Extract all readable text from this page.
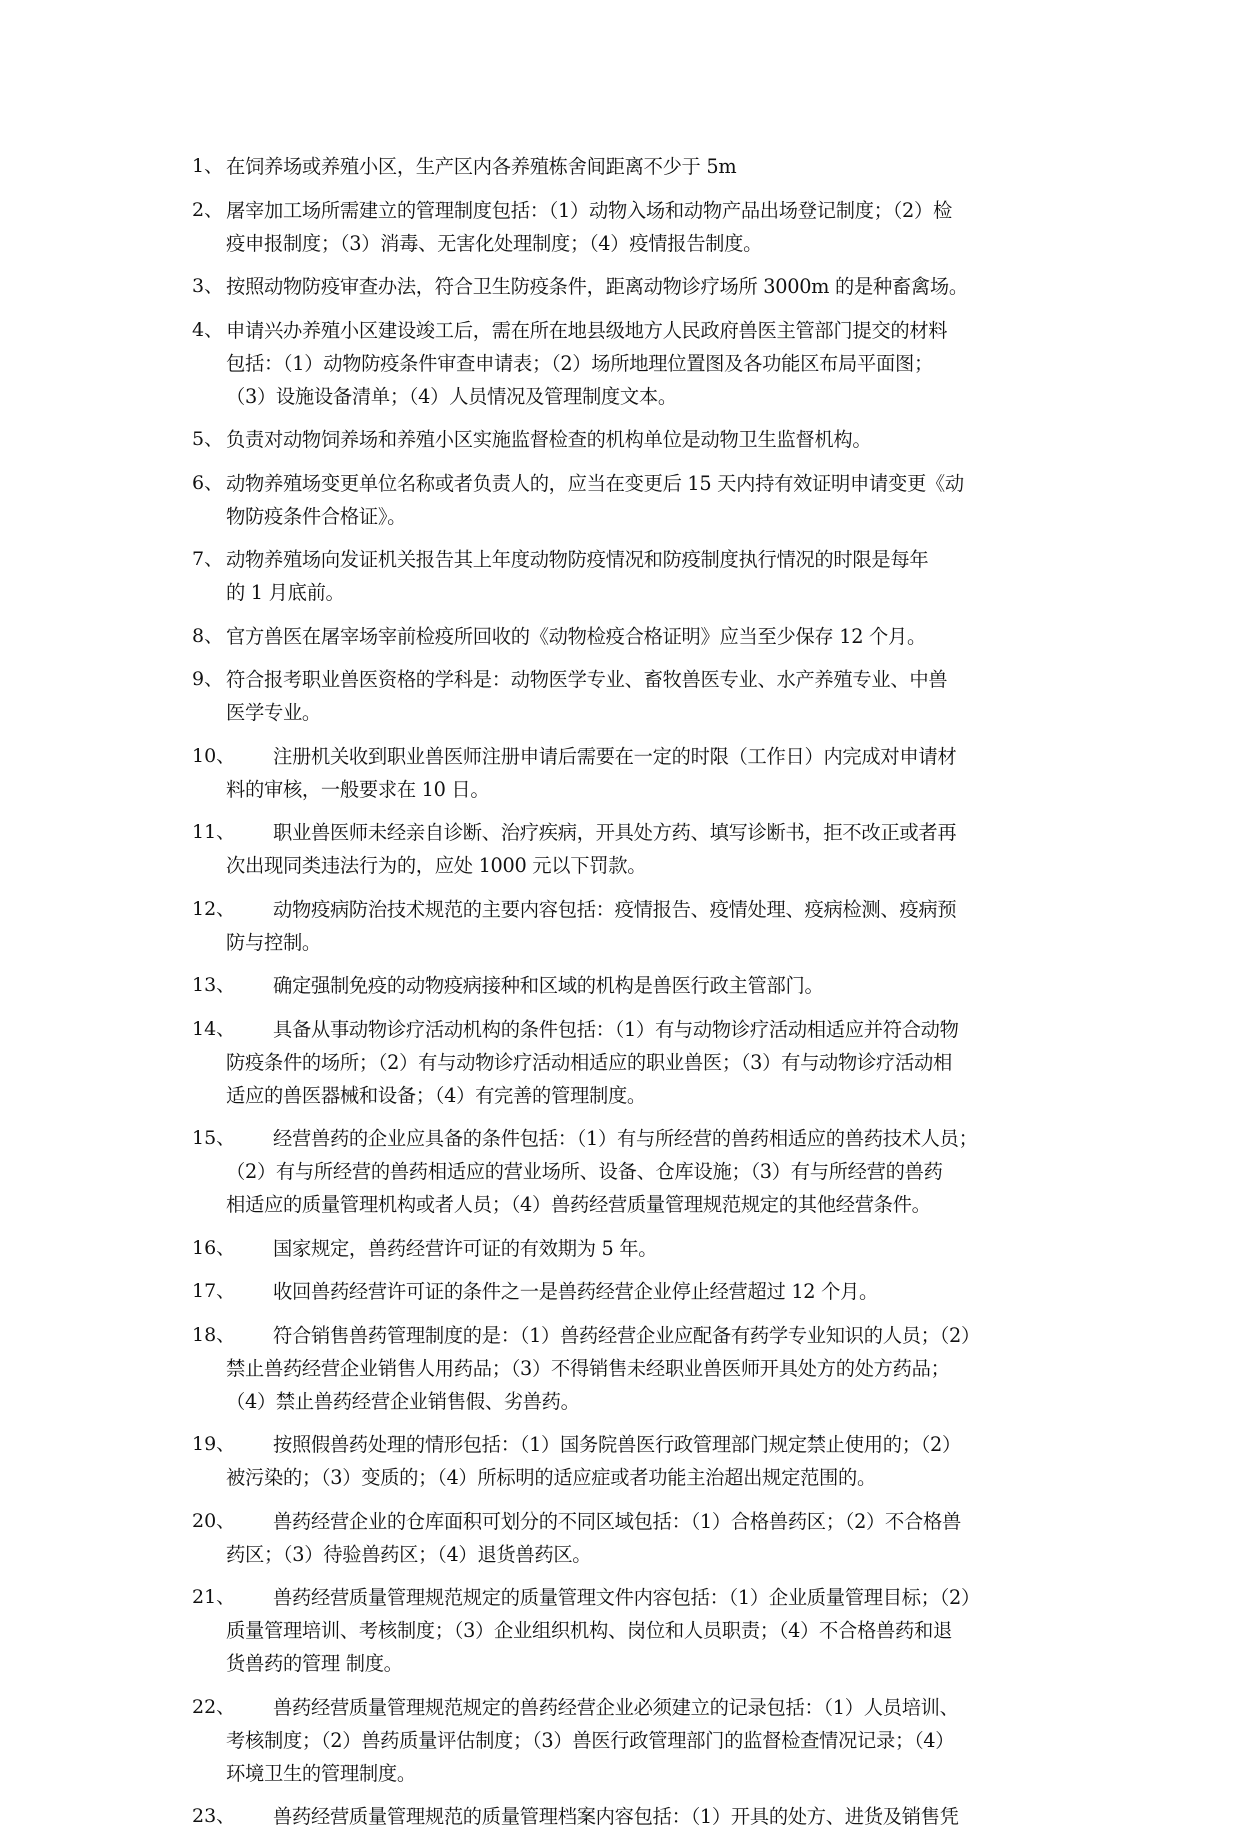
1、 在饲养场或养殖小区，生产区内各养殖栋舍间距离不少于 5m
2、 屠宰加工场所需建立的管理制度包括：（1）动物入场和动物产品出场登记制度；（2）检
疫申报制度；（3）消毒、无害化处理制度；（4）疫情报告制度。
3、 按照动物防疫审查办法，符合卫生防疫条件，距离动物诊疗场所 3000m 的是种畜禽场。
4、 申请兴办养殖小区建设竣工后，需在所在地县级地方人民政府兽医主管部门提交的材料
包括：（1）动物防疫条件审查申请表；（2）场所地理位置图及各功能区布局平面图；
（3）设施设备清单；（4）人员情况及管理制度文本。
5、 负责对动物饲养场和养殖小区实施监督检查的机构单位是动物卫生监督机构。
6、 动物养殖场变更单位名称或者负责人的，应当在变更后 15 天内持有效证明申请变更《动
物防疫条件合格证》。
7、 动物养殖场向发证机关报告其上年度动物防疫情况和防疫制度执行情况的时限是每年
的 1 月底前。
8、 官方兽医在屠宰场宰前检疫所回收的《动物检疫合格证明》应当至少保存 12 个月。
9、 符合报考职业兽医资格的学科是：动物医学专业、畜牧兽医专业、水产养殖专业、中兽
医学专业。
10、	注册机关收到职业兽医师注册申请后需要在一定的时限（工作日）内完成对申请材
料的审核，一般要求在 10 日。
11、	职业兽医师未经亲自诊断、治疗疾病，开具处方药、填写诊断书，拒不改正或者再
次出现同类违法行为的，应处 1000 元以下罚款。
12、	动物疫病防治技术规范的主要内容包括：疫情报告、疫情处理、疫病检测、疫病预
防与控制。
13、	确定强制免疫的动物疫病接种和区域的机构是兽医行政主管部门。
14、	具备从事动物诊疗活动机构的条件包括：（1）有与动物诊疗活动相适应并符合动物
防疫条件的场所；（2）有与动物诊疗活动相适应的职业兽医；（3）有与动物诊疗活动相
适应的兽医器械和设备；（4）有完善的管理制度。
15、	经营兽药的企业应具备的条件包括：（1）有与所经营的兽药相适应的兽药技术人员；
（2）有与所经营的兽药相适应的营业场所、设备、仓库设施；（3）有与所经营的兽药
相适应的质量管理机构或者人员；（4）兽药经营质量管理规范规定的其他经营条件。
16、	国家规定，兽药经营许可证的有效期为 5 年。
17、	收回兽药经营许可证的条件之一是兽药经营企业停止经营超过 12 个月。
18、	符合销售兽药管理制度的是：（1）兽药经营企业应配备有药学专业知识的人员；（2）
禁止兽药经营企业销售人用药品；（3）不得销售未经职业兽医师开具处方的处方药品；
（4）禁止兽药经营企业销售假、劣兽药。
19、	按照假兽药处理的情形包括：（1）国务院兽医行政管理部门规定禁止使用的；（2）
被污染的；（3）变质的；（4）所标明的适应症或者功能主治超出规定范围的。
20、	兽药经营企业的仓库面积可划分的不同区域包括：（1）合格兽药区；（2）不合格兽
药区；（3）待验兽药区；（4）退货兽药区。
21、	兽药经营质量管理规范规定的质量管理文件内容包括：（1）企业质量管理目标；（2）
质量管理培训、考核制度；（3）企业组织机构、岗位和人员职责；（4）不合格兽药和退
货兽药的管理 制度。
22、	兽药经营质量管理规范规定的兽药经营企业必须建立的记录包括：（1）人员培训、
考核制度；（2）兽药质量评估制度；（3）兽医行政管理部门的监督检查情况记录；（4）
环境卫生的管理制度。
23、	兽药经营质量管理规范的质量管理档案内容包括：（1）开具的处方、进货及销售凭
